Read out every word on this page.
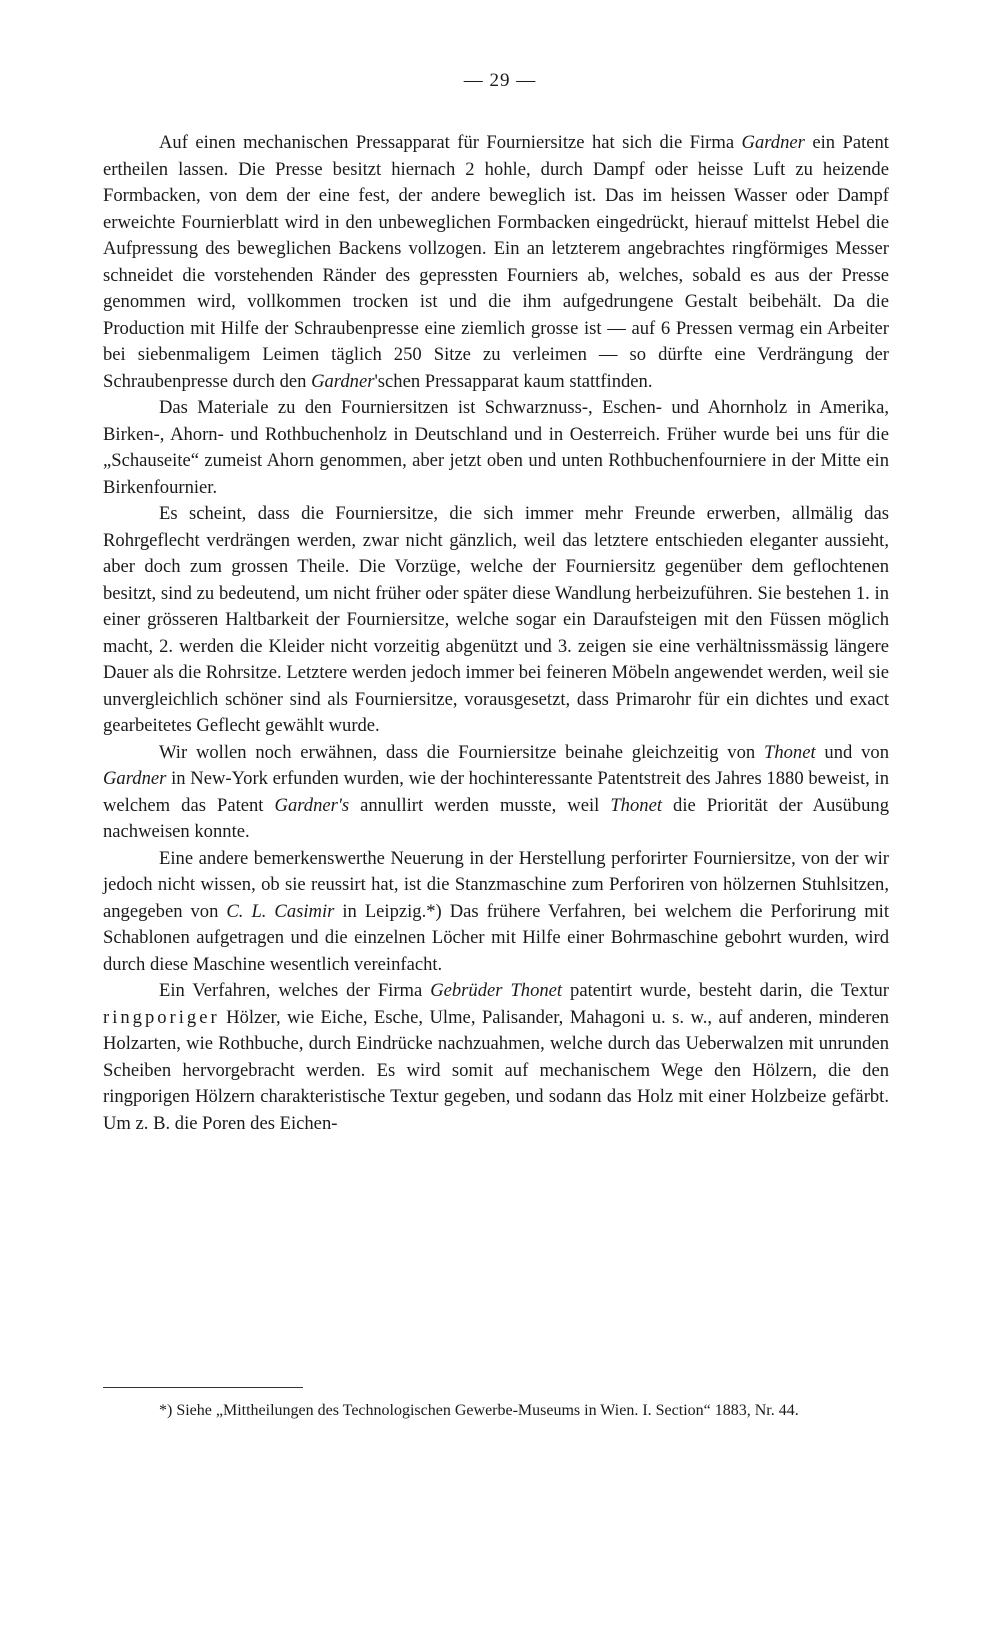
— 29 —

Auf einen mechanischen Pressapparat für Fourniersitze hat sich die Firma Gardner ein Patent ertheilen lassen. Die Presse besitzt hiernach 2 hohle, durch Dampf oder heisse Luft zu heizende Formbacken, von dem der eine fest, der andere beweglich ist. Das im heissen Wasser oder Dampf erweichte Fournierblatt wird in den unbeweglichen Formbacken eingedrückt, hierauf mittelst Hebel die Aufpressung des beweglichen Backens vollzogen. Ein an letzterem angebrachtes ringförmiges Messer schneidet die vorstehenden Ränder des gepressten Fourniers ab, welches, sobald es aus der Presse genommen wird, vollkommen trocken ist und die ihm aufgedrungene Gestalt beibehält. Da die Production mit Hilfe der Schraubenpresse eine ziemlich grosse ist — auf 6 Pressen vermag ein Arbeiter bei siebenmaligem Leimen täglich 250 Sitze zu verleimen — so dürfte eine Verdrängung der Schraubenpresse durch den Gardner'schen Pressapparat kaum stattfinden.

Das Materiale zu den Fourniersitzen ist Schwarznuss-, Eschen- und Ahornholz in Amerika, Birken-, Ahorn- und Rothbuchenholz in Deutschland und in Oesterreich. Früher wurde bei uns für die „Schauseite“ zumeist Ahorn genommen, aber jetzt oben und unten Rothbuchenfourniere in der Mitte ein Birkenfournier.

Es scheint, dass die Fourniersitze, die sich immer mehr Freunde erwerben, allmälig das Rohrgeflecht verdrängen werden, zwar nicht gänzlich, weil das letztere entschieden eleganter aussieht, aber doch zum grossen Theile. Die Vorzüge, welche der Fourniersitz gegenüber dem geflochtenen besitzt, sind zu bedeutend, um nicht früher oder später diese Wandlung herbeizuführen. Sie bestehen 1. in einer grösseren Haltbarkeit der Fourniersitze, welche sogar ein Daraufsteigen mit den Füssen möglich macht, 2. werden die Kleider nicht vorzeitig abgenützt und 3. zeigen sie eine verhältnissmässig längere Dauer als die Rohrsitze. Letztere werden jedoch immer bei feineren Möbeln angewendet werden, weil sie unvergleichlich schöner sind als Fourniersitze, vorausgesetzt, dass Primarohr für ein dichtes und exact gearbeitetes Geflecht gewählt wurde.

Wir wollen noch erwähnen, dass die Fourniersitze beinahe gleichzeitig von Thonet und von Gardner in New-York erfunden wurden, wie der hochinteressante Patentstreit des Jahres 1880 beweist, in welchem das Patent Gardner's annullirt werden musste, weil Thonet die Priorität der Ausübung nachweisen konnte.

Eine andere bemerkenswerthe Neuerung in der Herstellung perforirter Fourniersitze, von der wir jedoch nicht wissen, ob sie reussirt hat, ist die Stanzmaschine zum Perforiren von hölzernen Stuhlsitzen, angegeben von C. L. Casimir in Leipzig.*) Das frühere Verfahren, bei welchem die Perforirung mit Schablonen aufgetragen und die einzelnen Löcher mit Hilfe einer Bohrmaschine gebohrt wurden, wird durch diese Maschine wesentlich vereinfacht.

Ein Verfahren, welches der Firma Gebrüder Thonet patentirt wurde, besteht darin, die Textur ringporiger Hölzer, wie Eiche, Esche, Ulme, Palisander, Mahagoni u. s. w., auf anderen, minderen Holzarten, wie Rothbuche, durch Eindrücke nachzuahmen, welche durch das Ueberwalzen mit unrunden Scheiben hervorgebracht werden. Es wird somit auf mechanischem Wege den Hölzern, die den ringporigen Hölzern charakteristische Textur gegeben, und sodann das Holz mit einer Holzbeize gefärbt. Um z. B. die Poren des Eichen-

*) Siehe „Mittheilungen des Technologischen Gewerbe-Museums in Wien. I. Section“ 1883, Nr. 44.
